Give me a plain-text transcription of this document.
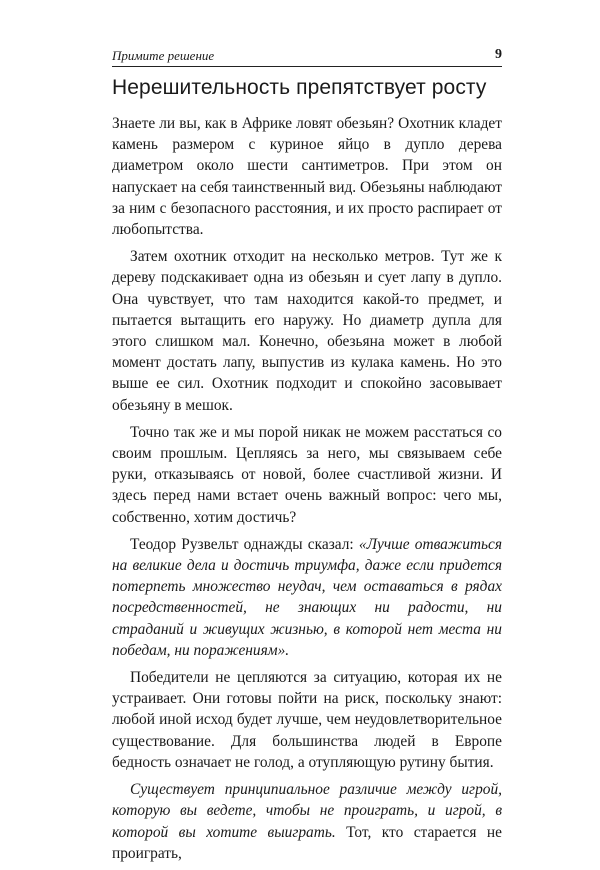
Примите решение	9
Нерешительность препятствует росту

Знаете ли вы, как в Африке ловят обезьян? Охотник кладет камень размером с куриное яйцо в дупло дерева диаметром около шести сантиметров. При этом он напускает на себя таинственный вид. Обезьяны наблюдают за ним с безопасного расстояния, и их просто распирает от любопытства.

Затем охотник отходит на несколько метров. Тут же к дереву подскакивает одна из обезьян и сует лапу в дупло. Она чувствует, что там находится какой-то предмет, и пытается вытащить его наружу. Но диаметр дупла для этого слишком мал. Конечно, обезьяна может в любой момент достать лапу, выпустив из кулака камень. Но это выше ее сил. Охотник подходит и спокойно засовывает обезьяну в мешок.

Точно так же и мы порой никак не можем расстаться со своим прошлым. Цепляясь за него, мы связываем себе руки, отказываясь от новой, более счастливой жизни. И здесь перед нами встает очень важный вопрос: чего мы, собственно, хотим достичь?

Теодор Рузвельт однажды сказал: «Лучше отважиться на великие дела и достичь триумфа, даже если придется потерпеть множество неудач, чем оставаться в рядах посредственностей, не знающих ни радости, ни страданий и живущих жизнью, в которой нет места ни победам, ни поражениям».

Победители не цепляются за ситуацию, которая их не устраивает. Они готовы пойти на риск, поскольку знают: любой иной исход будет лучше, чем неудовлетворительное существование. Для большинства людей в Европе бедность означает не голод, а отупляющую рутину бытия.

Существует принципиальное различие между игрой, которую вы ведете, чтобы не проиграть, и игрой, в которой вы хотите выиграть. Тот, кто старается не проиграть,
